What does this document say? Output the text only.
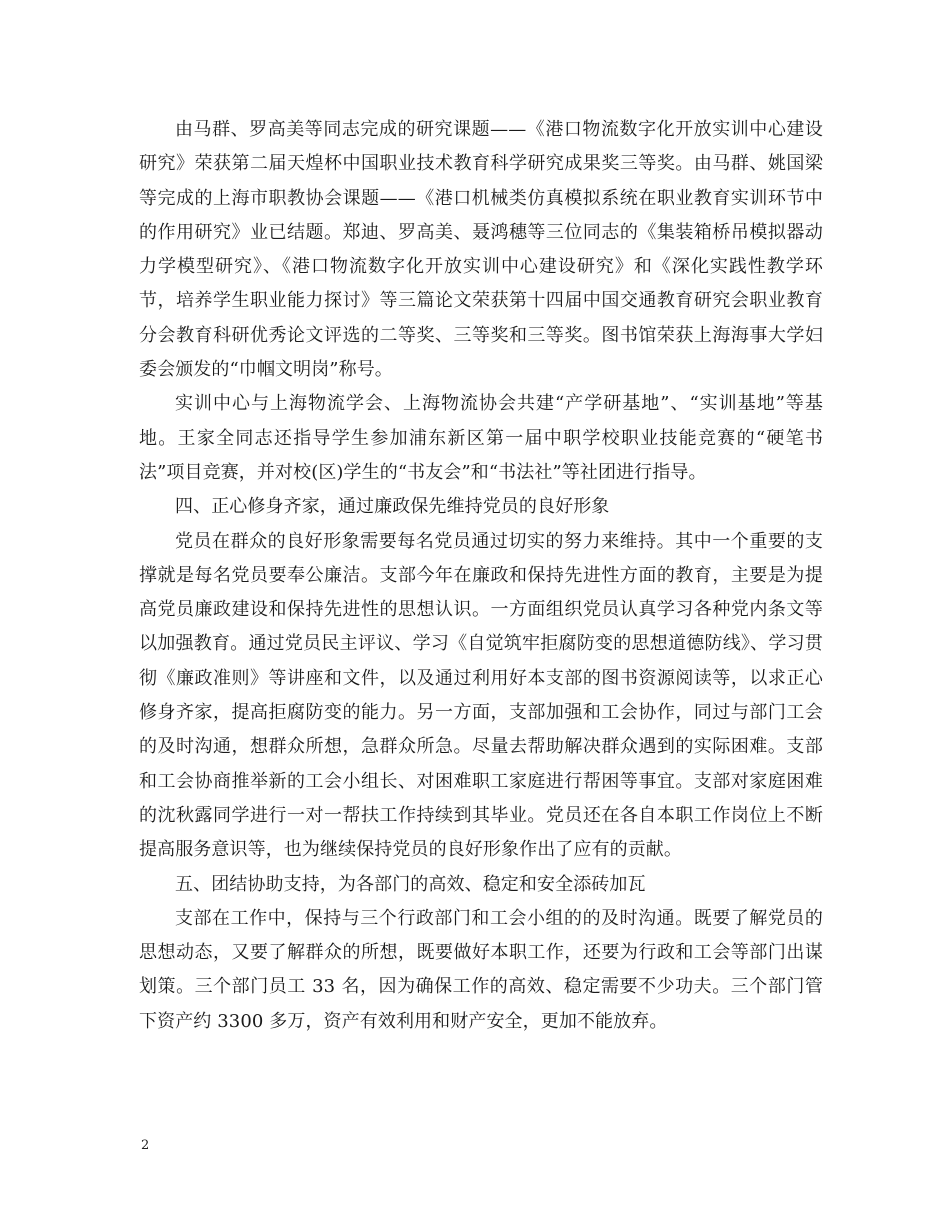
由马群、罗高美等同志完成的研究课题——《港口物流数字化开放实训中心建设研究》荣获第二届天煌杯中国职业技术教育科学研究成果奖三等奖。由马群、姚国梁等完成的上海市职教协会课题——《港口机械类仿真模拟系统在职业教育实训环节中的作用研究》业已结题。郑迪、罗高美、聂鸿穗等三位同志的《集装箱桥吊模拟器动力学模型研究》、《港口物流数字化开放实训中心建设研究》和《深化实践性教学环节，培养学生职业能力探讨》等三篇论文荣获第十四届中国交通教育研究会职业教育分会教育科研优秀论文评选的二等奖、三等奖和三等奖。图书馆荣获上海海事大学妇委会颁发的“巾帼文明岗”称号。

实训中心与上海物流学会、上海物流协会共建“产学研基地”、“实训基地”等基地。王家全同志还指导学生参加浦东新区第一届中职学校职业技能竞赛的“硬笔书法”项目竞赛，并对校(区)学生的“书友会”和“书法社”等社团进行指导。

四、正心修身齐家，通过廉政保先维持党员的良好形象

党员在群众的良好形象需要每名党员通过切实的努力来维持。其中一个重要的支撑就是每名党员要奉公廉洁。支部今年在廉政和保持先进性方面的教育，主要是为提高党员廉政建设和保持先进性的思想认识。一方面组织党员认真学习各种党内条文等以加强教育。通过党员民主评议、学习《自觉筑牢拒腐防变的思想道德防线》、学习贯彻《廉政准则》等讲座和文件，以及通过利用好本支部的图书资源阅读等，以求正心修身齐家，提高拒腐防变的能力。另一方面，支部加强和工会协作，同过与部门工会的及时沟通，想群众所想，急群众所急。尽量去帮助解决群众遇到的实际困难。支部和工会协商推举新的工会小组长、对困难职工家庭进行帮困等事宜。支部对家庭困难的沈秋露同学进行一对一帮扶工作持续到其毕业。党员还在各自本职工作岗位上不断提高服务意识等，也为继续保持党员的良好形象作出了应有的贡献。

五、团结协助支持，为各部门的高效、稳定和安全添砖加瓦

支部在工作中，保持与三个行政部门和工会小组的的及时沟通。既要了解党员的思想动态，又要了解群众的所想，既要做好本职工作，还要为行政和工会等部门出谋划策。三个部门员工 33 名，因为确保工作的高效、稳定需要不少功夫。三个部门管下资产约 3300 多万，资产有效利用和财产安全，更加不能放弃。

2
